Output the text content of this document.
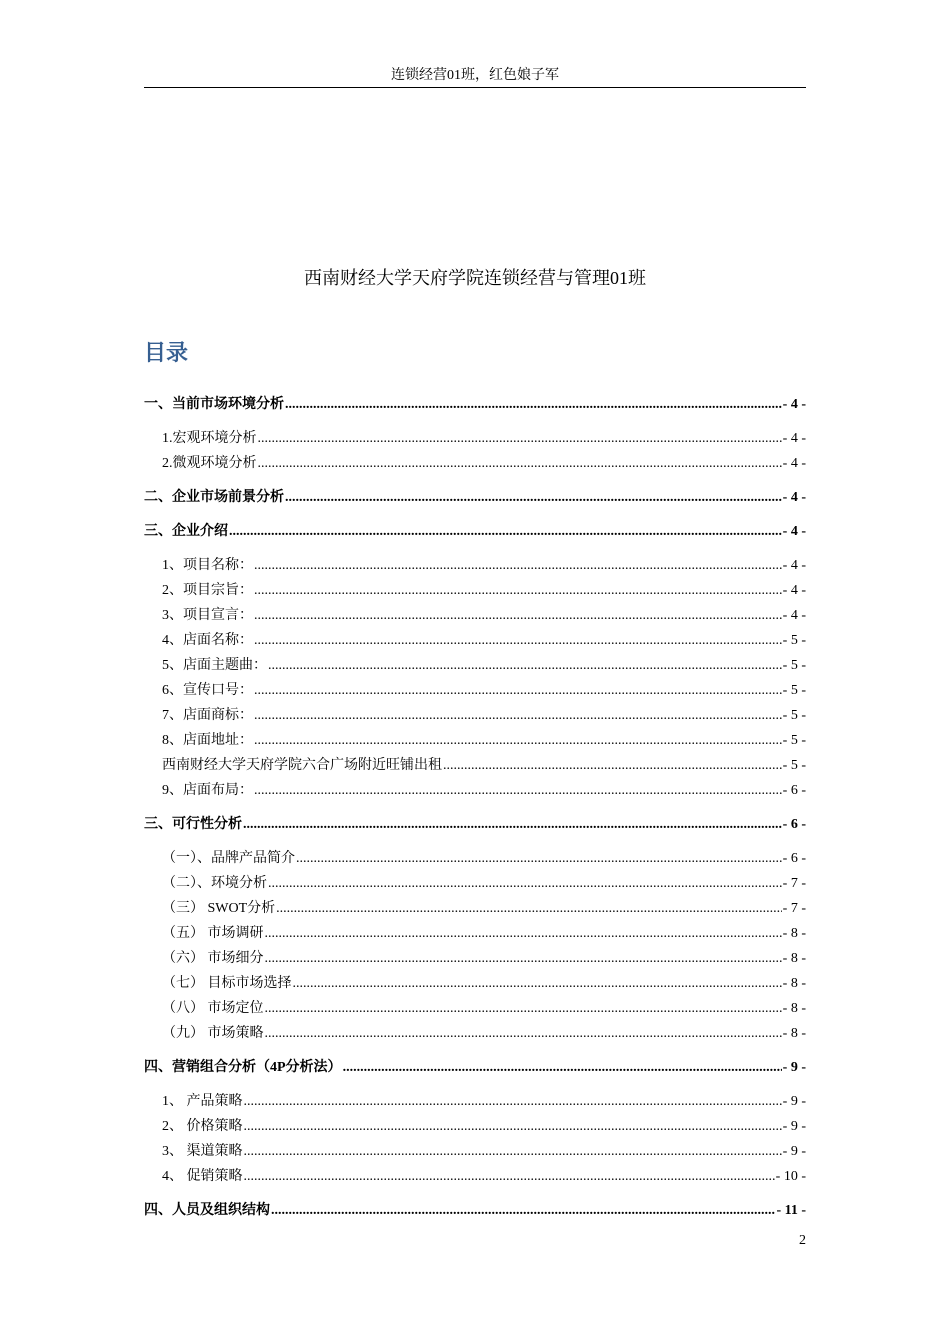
连锁经营01班，红色娘子军
西南财经大学天府学院连锁经营与管理01班
目录
一、当前市场环境分析 .....	- 4 -
1.宏观环境分析 .....	- 4 -
2.微观环境分析 .....	- 4 -
二、企业市场前景分析 .....	- 4 -
三、企业介绍 .....	- 4 -
1、项目名称： .....	- 4 -
2、项目宗旨： .....	- 4 -
3、项目宣言： .....	- 4 -
4、店面名称： .....	- 5 -
5、店面主题曲： .....	- 5 -
6、宣传口号： .....	- 5 -
7、店面商标： .....	- 5 -
8、店面地址： .....	- 5 -
西南财经大学天府学院六合广场附近旺铺出租 .....	- 5 -
9、店面布局： .....	- 6 -
三、可行性分析 .....	- 6 -
（一）、品牌产品简介 .....	- 6 -
（二）、环境分析 .....	- 7 -
（三） SWOT分析 .....	- 7 -
（五） 市场调研 .....	- 8 -
（六） 市场细分 .....	- 8 -
（七） 目标市场选择 .....	- 8 -
（八） 市场定位 .....	- 8 -
（九） 市场策略 .....	- 8 -
四、营销组合分析（4P分析法） .....	- 9 -
1、 产品策略 .....	- 9 -
2、 价格策略 .....	- 9 -
3、 渠道策略 .....	- 9 -
4、 促销策略 .....	- 10 -
四、人员及组织结构 .....	- 11 -
2
